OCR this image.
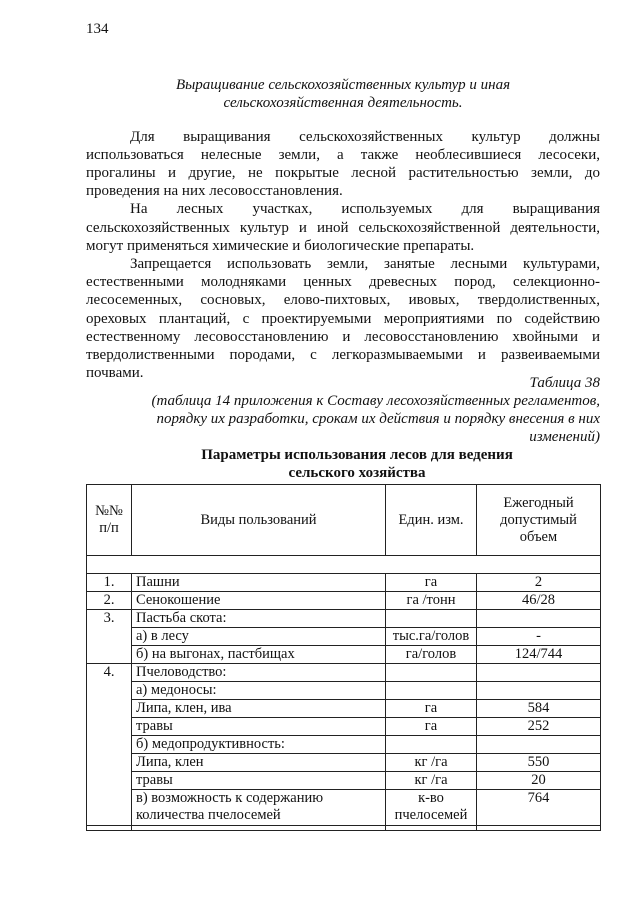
134
Выращивание сельскохозяйственных культур и иная
сельскохозяйственная деятельность.
Для выращивания сельскохозяйственных культур должны
использоваться нелесные земли, а также необлесившиеся лесосеки,
прогалины и другие, не покрытые лесной растительностью земли, до
проведения на них лесовосстановления.
На лесных участках, используемых для выращивания
сельскохозяйственных культур и иной сельскохозяйственной деятельности,
могут применяться химические и биологические препараты.
Запрещается использовать земли, занятые лесными культурами,
естественными молодняками ценных древесных пород, селекционно-
лесосеменных, сосновых, елово-пихтовых, ивовых, твердолиственных,
ореховых плантаций, с проектируемыми мероприятиями по содействию
естественному лесовосстановлению и лесовосстановлению хвойными и
твердолиственными породами, с легкоразмываемыми и развеиваемыми
почвами.
Таблица 38
(таблица 14 приложения к Составу лесохозяйственных регламентов,
порядку их разработки, срокам их действия и порядку внесения в них
изменений)
Параметры использования лесов для ведения
сельского хозяйства
№№ п/п	Виды пользований	Един. изм.	Ежегодный допустимый объем

1.	Пашни	га	2
2.	Сенокошение	га /тонн	46/28
3.	Пастьба скота:		
	а) в лесу	тыс.га/голов	-
	б) на выгонах, пастбищах	га/голов	124/744
4.	Пчеловодство:		
	а) медоносы:		
	Липа, клен, ива	га	584
	травы	га	252
	б) медопродуктивность:		
	Липа, клен	кг /га	550
	травы	кг /га	20
	в) возможность к содержанию количества пчелосемей	к-во пчелосемей	764
